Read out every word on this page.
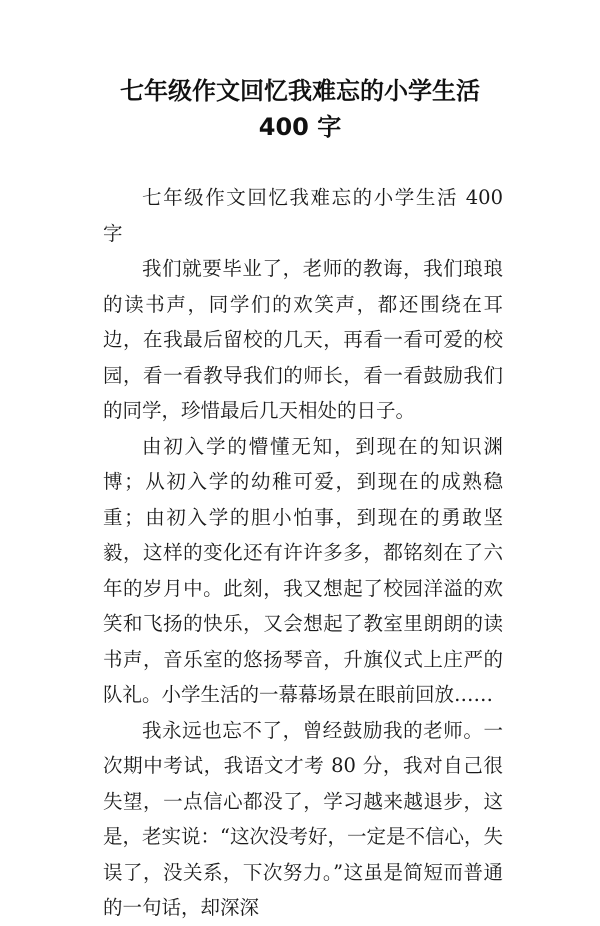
七年级作文回忆我难忘的小学生活
400 字

七年级作文回忆我难忘的小学生活 400 字

我们就要毕业了，老师的教诲，我们琅琅的读书声，同学们的欢笑声，都还围绕在耳边，在我最后留校的几天，再看一看可爱的校园，看一看教导我们的师长，看一看鼓励我们的同学，珍惜最后几天相处的日子。

由初入学的懵懂无知，到现在的知识渊博；从初入学的幼稚可爱，到现在的成熟稳重；由初入学的胆小怕事，到现在的勇敢坚毅，这样的变化还有许许多多，都铭刻在了六年的岁月中。此刻，我又想起了校园洋溢的欢笑和飞扬的快乐，又会想起了教室里朗朗的读书声，音乐室的悠扬琴音，升旗仪式上庄严的队礼。小学生活的一幕幕场景在眼前回放……

我永远也忘不了，曾经鼓励我的老师。一次期中考试，我语文才考 80 分，我对自己很失望，一点信心都没了，学习越来越退步，这是，老实说：“这次没考好，一定是不信心，失误了，没关系，下次努力。”这虽是简短而普通的一句话，却深深
